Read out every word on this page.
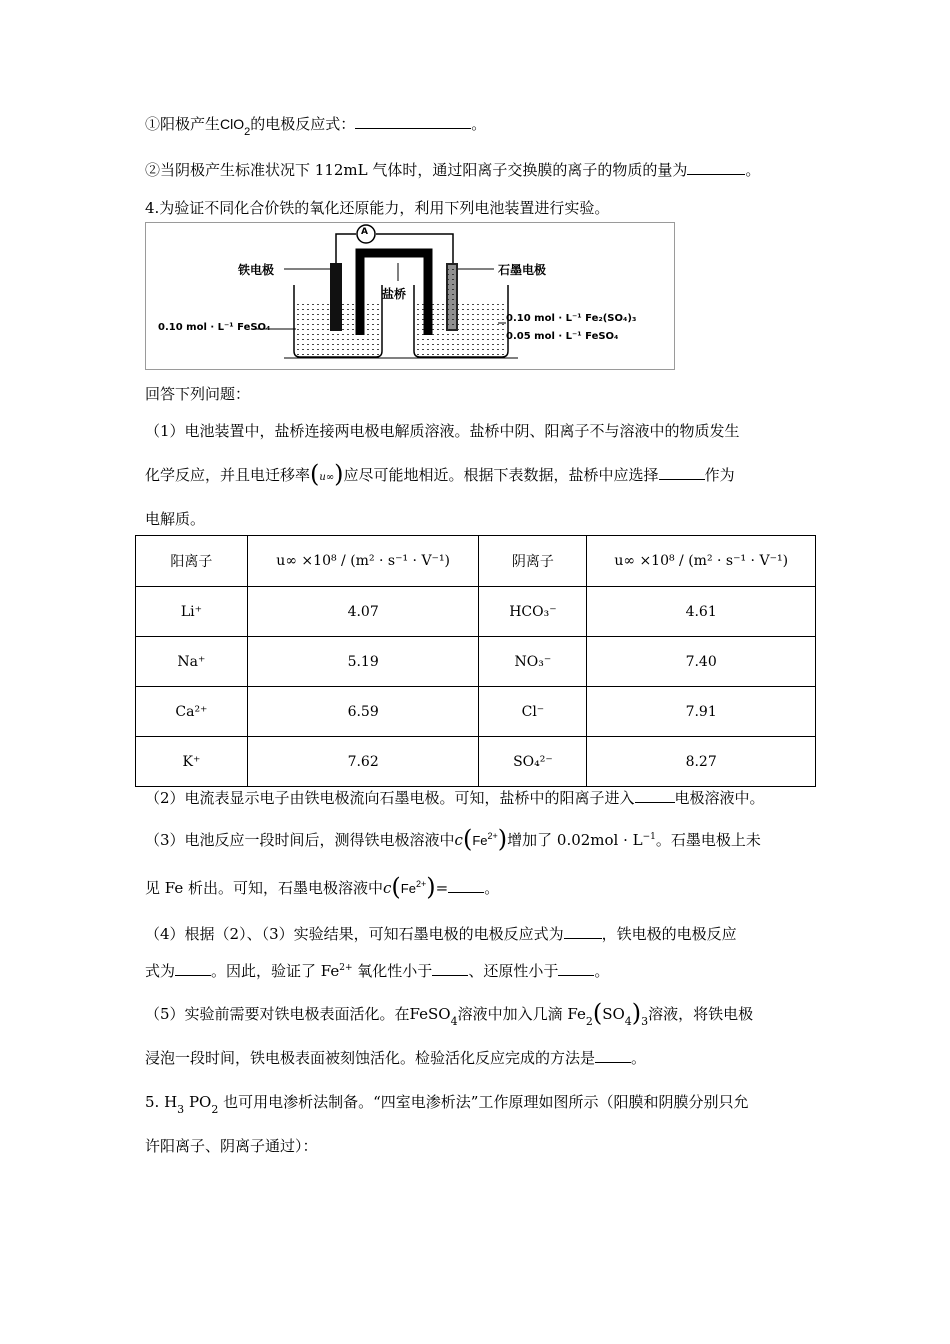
①阳极产生ClO$_2$的电极反应式：	。
②当阴极产生标准状况下 112mL 气体时，通过阳离子交换膜的离子的物质的量为	。
4.为验证不同化合价铁的氧化还原能力，利用下列电池装置进行实验。
A
铁电极	石墨电极
盐桥
0.10 mol · L⁻¹ FeSO₄
0.10 mol · L⁻¹ Fe₂(SO₄)₃
0.05 mol · L⁻¹ FeSO₄
回答下列问题：
（1）电池装置中，盐桥连接两电极电解质溶液。盐桥中阴、阳离子不与溶液中的物质发生
化学反应，并且电迁移率(u∞)应尽可能地相近。根据下表数据，盐桥中应选择	作为
电解质。
阳离子	u∞ ×10⁸ / (m² · s⁻¹ · V⁻¹)	阴离子	u∞ ×10⁸ / (m² · s⁻¹ · V⁻¹)
Li⁺	4.07	HCO₃⁻	4.61
Na⁺	5.19	NO₃⁻	7.40
Ca²⁺	6.59	Cl⁻	7.91
K⁺	7.62	SO₄²⁻	8.27
（2）电流表显示电子由铁电极流向石墨电极。可知，盐桥中的阳离子进入	电极溶液中。
（3）电池反应一段时间后，测得铁电极溶液中$c(Fe^{2+})$增加了 $0.02mol \cdot L^{-1}$。石墨电极上未
见 Fe 析出。可知，石墨电极溶液中$c(Fe^{2+})=$ 。
（4）根据（2）、（3）实验结果，可知石墨电极的电极反应式为	，铁电极的电极反应
式为 。因此，验证了 $Fe^{2+}$ 氧化性小于 、还原性小于 。
（5）实验前需要对铁电极表面活化。在FeSO$_4$溶液中加入几滴 $Fe_2(SO_4)_3$溶液，将铁电极
浸泡一段时间，铁电极表面被刻蚀活化。检验活化反应完成的方法是 。
5. $H_3$ $PO_2$ 也可用电渗析法制备。“四室电渗析法”工作原理如图所示（阳膜和阴膜分别只允
许阳离子、阴离子通过）：
